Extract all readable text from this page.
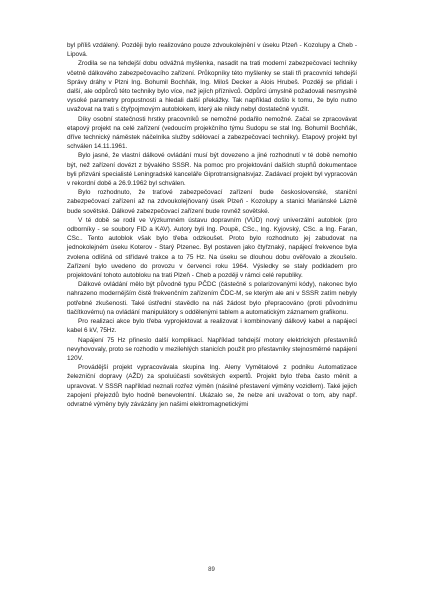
byl příliš vzdálený. Později bylo realizováno pouze zdvoukolejnění v úseku Plzeň - Kozolupy a Cheb - Lipová.

Zrodila se na tehdejší dobu odvážná myšlenka, nasadit na trati moderní zabezpečovací techniky včetně dálkového zabezpečovacího zařízení. Průkopníky této myšlenky se stali tři pracovníci tehdejší Správy dráhy v Plzni Ing. Bohumil Bochňák, Ing. Miloš Decker a Alois Hrubeš. Později se přidali i další, ale odpůrců této techniky bylo více, než jejích příznivců. Odpůrci úmyslně požadovali nesmyslně vysoké parametry propustnosti a hledali další překážky. Tak například došlo k tomu, že bylo nutno uvažovat na trati s čtyřpojmovým autoblokem, který ale nikdy nebyl dostatečně využit.

Díky osobní statečnosti hrstky pracovníků se nemožné podařilo nemožné. Začal se zpracovávat etapový projekt na celé zařízení (vedoucím projekčního týmu Sudopu se stal Ing. Bohumil Bochňák, dříve technický náměstek náčelníka služby sdělovací a zabezpečovací techniky). Etapový projekt byl schválen 14.11.1961.

Bylo jasné, že vlastní dálkové ovládání musí být dovezeno a jiné rozhodnutí v té době nemohlo být, než zařízení dovézt z bývalého SSSR. Na pomoc pro projektování dalších stupňů dokumentace byli přizváni specialisté Leningradské kanceláře Giprotransignalsvjaz. Zadávací projekt byl vypracován v rekordní době a 26.9.1962 byl schválen.

Bylo rozhodnuto, že traťové zabezpečovací zařízení bude československé, staniční zabezpečovací zařízení až na zdvoukolejňovaný úsek Plzeň - Kozolupy a stanici Mariánské Lázně bude sovětské. Dálkové zabezpečovací zařízení bude rovněž sovětské.

V té době se rodil ve Výzkumném ústavu dopravním (VÚD) nový univerzální autoblok (pro odborníky - se soubory FID a KAV). Autory byli Ing. Poupě, CSc., Ing. Kyjovský, CSc. a Ing. Faran, CSc.. Tento autoblok však bylo třeba odzkoušet. Proto bylo rozhodnuto jej zabudovat na jednokolejném úseku Koterov - Starý Plzenec. Byl postaven jako čtyřznaký, napájecí frekvence byla zvolena odlišná od střídavé trakce a to 75 Hz. Na úseku se dlouhou dobu ověřovalo a zkoušelo. Zařízení bylo uvedeno do provozu v červenci roku 1964. Výsledky se staly podkladem pro projektování tohoto autobloku na trati Plzeň - Cheb a později v rámci celé republiky.

Dálkové ovládání mělo být původně typu PČDC (částečně s polarizovanými kódy), nakonec bylo nahrazeno modernějším čistě frekvenčním zařízením ČDC-M, se kterým ale ani v SSSR zatím nebyly potřebné zkušenosti. Také ústřední stavědlo na náš žádost bylo přepracováno (proti původnímu tlačítkovému) na ovládání manipulátory s oddělenými tablem a automatickým záznamem grafikonu.

Pro realizaci akce bylo třeba vyprojektovat a realizovat i kombinovaný dálkový kabel a napájecí kabel 6 kV, 75Hz.

Napájení 75 Hz přineslo další komplikací. Například tehdejší motory elektrických přestavníků nevyhovovaly, proto se rozhodlo v mezilehlých stanicích použít pro přestavníky stejnosměrné napájení 120V.

Provádější projekt vypracovávala skupina Ing. Aleny Vymětalové z podniku Automatizace železniční dopravy (AŽD) za spoluúčasti sovětských expertů. Projekt bylo třeba často měnit a upravovat. V SSSR například neznali rozřez výměn (násilné přestavení výměny vozidlem). Také jejich zapojení přejezdů bylo hodně benevolentní. Ukázalo se, že nelze ani uvažovat o tom, aby např. odvratné výměny byly závázány jen našimi elektromagnetickými

89
